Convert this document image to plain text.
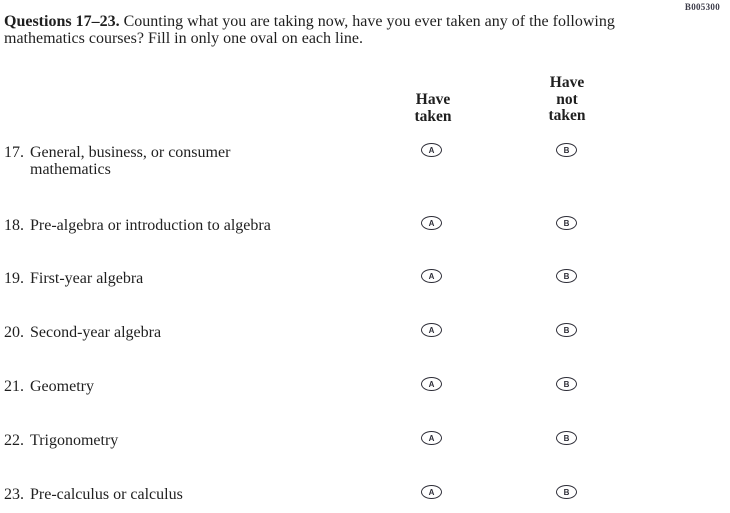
B005300
Questions 17–23. Counting what you are taking now, have you ever taken any of the following
mathematics courses? Fill in only one oval on each line.
Have
taken
Have
not
taken
17. General, business, or consumer
mathematics
A	B
18. Pre-algebra or introduction to algebra	A	B
19. First-year algebra	A	B
20. Second-year algebra	A	B
21. Geometry	A	B
22. Trigonometry	A	B
23. Pre-calculus or calculus	A	B
